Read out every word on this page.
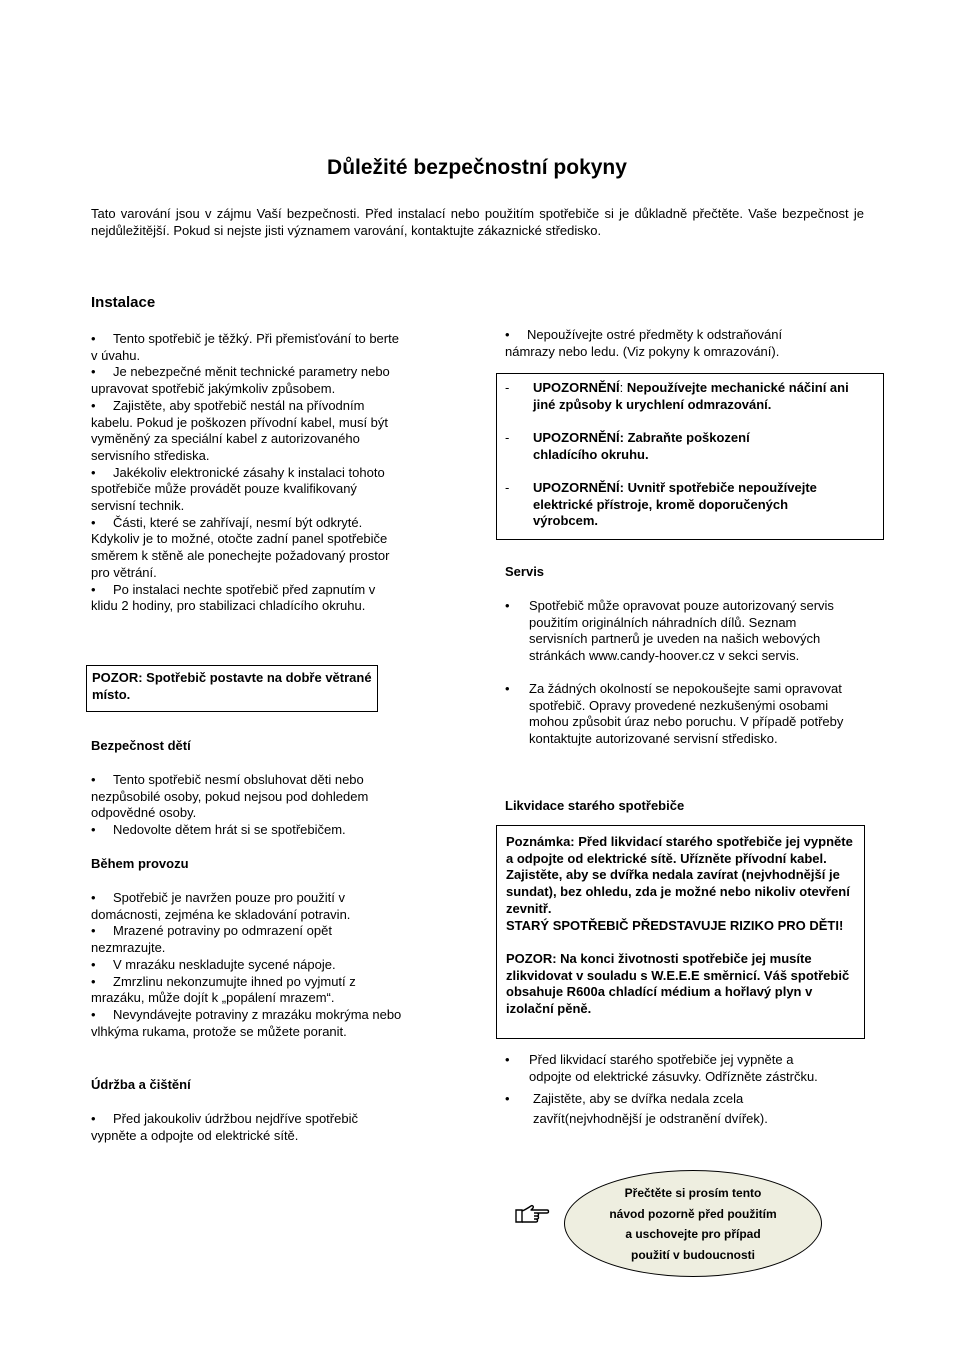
Důležité bezpečnostní pokyny
Tato varování jsou v zájmu Vaší bezpečnosti. Před instalací nebo použitím spotřebiče si je důkladně přečtěte. Vaše bezpečnost je nejdůležitější. Pokud si nejste jisti významem varování, kontaktujte zákaznické středisko.
Instalace
• Tento spotřebič je těžký. Při přemisťování to berte v úvahu.
• Je nebezpečné měnit technické parametry nebo upravovat spotřebič jakýmkoliv způsobem.
• Zajistěte, aby spotřebič nestál na přívodním kabelu. Pokud je poškozen přívodní kabel, musí být vyměněný za speciální kabel z autorizovaného servisního střediska.
• Jakékoliv elektronické zásahy k instalaci tohoto spotřebiče může provádět pouze kvalifikovaný servisní technik.
• Části, které se zahřívají, nesmí být odkryté. Kdykoliv je to možné, otočte zadní panel spotřebiče směrem k stěně ale ponechejte požadovaný prostor pro větrání.
• Po instalaci nechte spotřebič před zapnutím v klidu 2 hodiny, pro stabilizaci chladícího okruhu.
POZOR: Spotřebič postavte na dobře větrané místo.
Bezpečnost dětí
• Tento spotřebič nesmí obsluhovat děti nebo nezpůsobilé osoby, pokud nejsou pod dohledem odpovědné osoby.
• Nedovolte dětem hrát si se spotřebičem.
Během provozu
• Spotřebič je navržen pouze pro použití v domácnosti, zejména ke skladování potravin.
• Mrazené potraviny po odmrazení opět nezmrazujte.
• V mrazáku neskladujte sycené nápoje.
• Zmrzlinu nekonzumujte ihned po vyjmutí z mrazáku, může dojít k „popálení mrazem“.
• Nevyndávejte potraviny z mrazáku mokrýma nebo vlhkýma rukama, protože se můžete poranit.
Údržba a čištění
• Před jakoukoliv údržbou nejdříve spotřebič vypněte a odpojte od elektrické sítě.
• Nepoužívejte ostré předměty k odstraňování námrazy nebo ledu. (Viz pokyny k omrazování).
- UPOZORNĚNÍ: Nepoužívejte mechanické náčiní ani jiné způsoby k urychlení odmrazování.
- UPOZORNĚNÍ: Zabraňte poškození chladícího okruhu.
- UPOZORNĚNÍ: Uvnitř spotřebiče nepoužívejte elektrické přístroje, kromě doporučených výrobcem.
Servis
• Spotřebič může opravovat pouze autorizovaný servis použitím originálních náhradních dílů. Seznam servisních partnerů je uveden na našich webových stránkách www.candy-hoover.cz v sekci servis.
• Za žádných okolností se nepokoušejte sami opravovat spotřebič. Opravy provedené nezkušenými osobami mohou způsobit úraz nebo poruchu. V případě potřeby kontaktujte autorizované servisní středisko.
Likvidace starého spotřebiče
Poznámka: Před likvidací starého spotřebiče jej vypněte a odpojte od elektrické sítě. Uřízněte přívodní kabel. Zajistěte, aby se dvířka nedala zavírat (nejvhodnější je sundat), bez ohledu, zda je možné nebo nikoliv otevření zevnitř.
STARÝ SPOTŘEBIČ PŘEDSTAVUJE RIZIKO PRO DĚTI!
POZOR: Na konci životnosti spotřebiče jej musíte zlikvidovat v souladu s W.E.E.E směrnicí. Váš spotřebič obsahuje R600a chladící médium a hořlavý plyn v izolační pěně.
• Před likvidací starého spotřebiče jej vypněte a odpojte od elektrické zásuvky. Odřízněte zástrčku.
• Zajistěte, aby se dvířka nedala zcela zavřít(nejvhodnější je odstranění dvířek).
Přečtěte si prosím tento
návod pozorně před použitím
a uschovejte pro případ
použití v budoucnosti
